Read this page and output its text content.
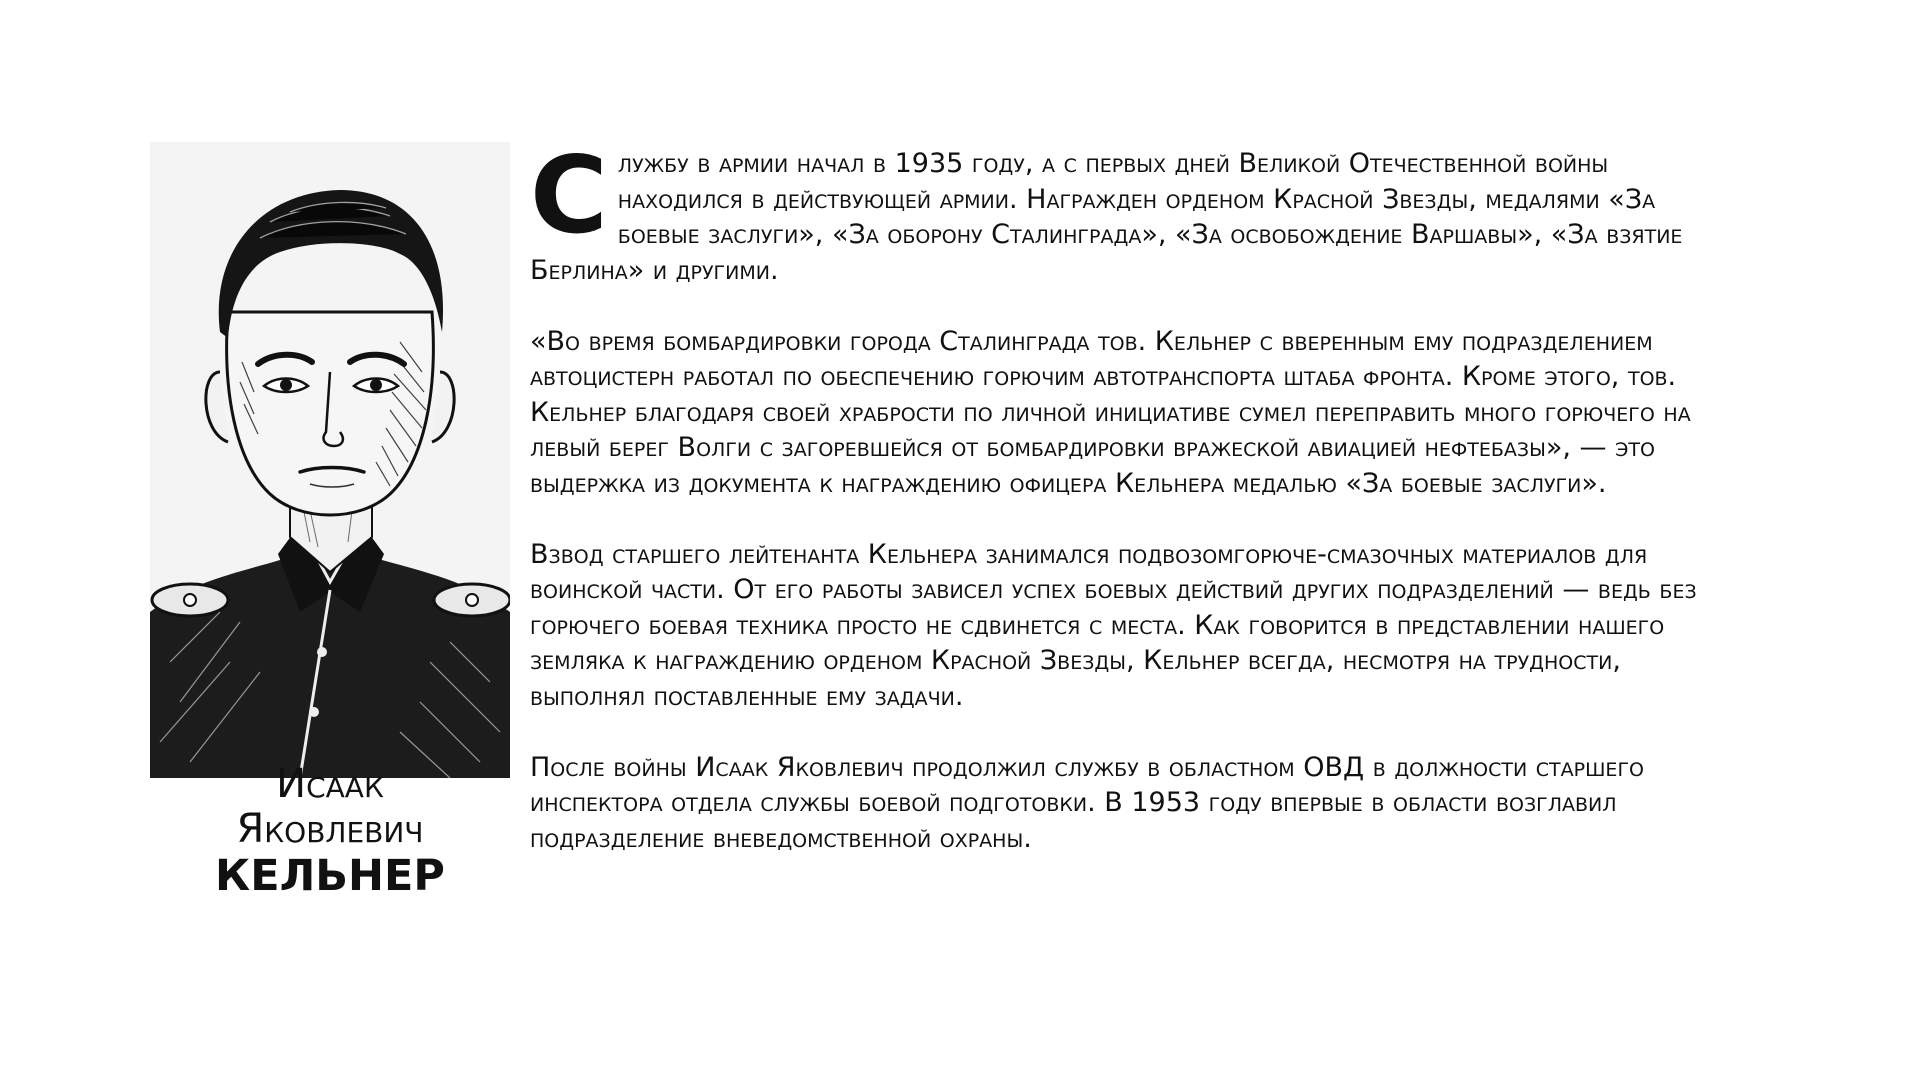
Исаак
Яковлевич
КЕЛЬНЕР

Службу в армии начал в 1935 году, а с первых дней Великой Отечественной войны находился в действующей армии. Награжден орденом Красной Звезды, медалями «За боевые заслуги», «За оборону Сталинграда», «За освобождение Варшавы», «За взятие Берлина» и другими.

«Во время бомбардировки города Сталинграда тов. Кельнер с вверенным ему подразделением автоцистерн работал по обеспечению горючим автотранспорта штаба фронта. Кроме этого, тов. Кельнер благодаря своей храбрости по личной инициативе сумел переправить много горючего на левый берег Волги с загоревшейся от бомбардировки вражеской авиацией нефтебазы», — это выдержка из документа к награждению офицера Кельнера медалью «За боевые заслуги».

Взвод старшего лейтенанта Кельнера занимался подвозомгорюче-смазочных материалов для воинской части. От его работы зависел успех боевых действий других подразделений — ведь без горючего боевая техника просто не сдвинется с места. Как говорится в представлении нашего земляка к награждению орденом Красной Звезды, Кельнер всегда, несмотря на трудности, выполнял поставленные ему задачи.

После войны Исаак Яковлевич продолжил службу в областном ОВД в должности старшего инспектора отдела службы боевой подготовки. В 1953 году впервые в области возглавил подразделение вневедомственной охраны.
